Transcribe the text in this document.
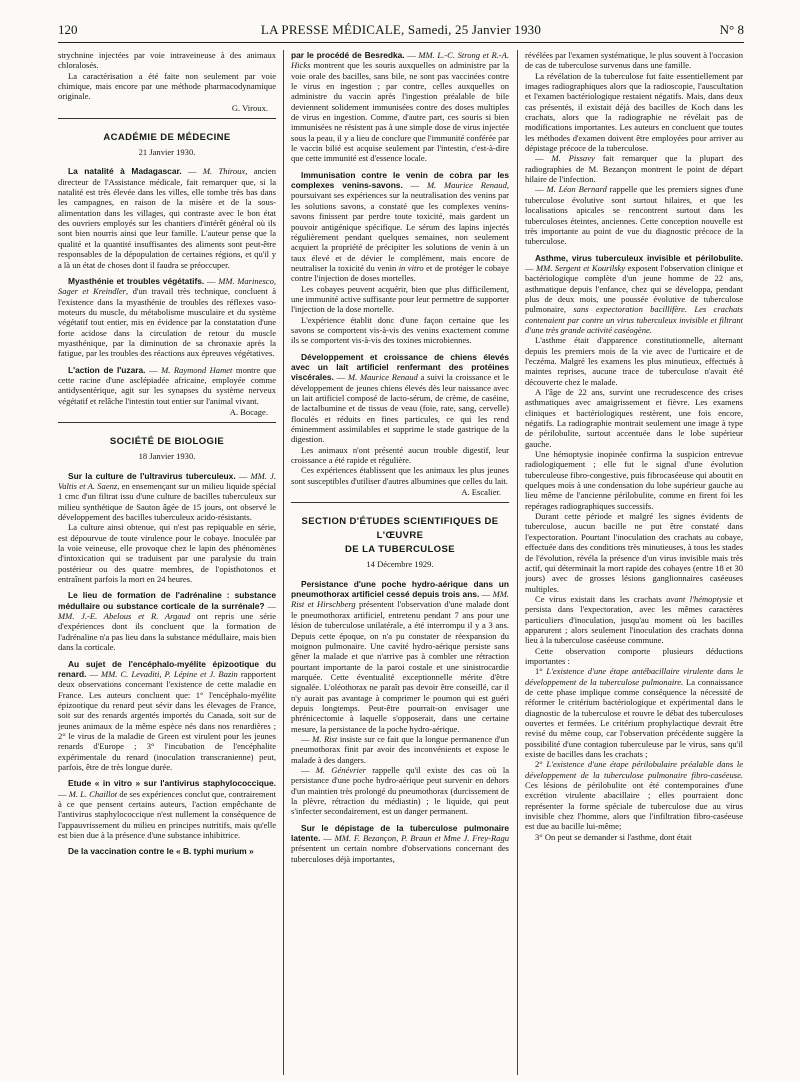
120	LA PRESSE MÉDICALE, Samedi, 25 Janvier 1930	N° 8

strychnine injectées par voie intraveineuse à des animaux chloralosés.

La caractérisation a été faite non seulement par voie chimique, mais encore par une méthode pharmacodynamique originale.

G. Viroux.

ACADÉMIE DE MÉDECINE

21 Janvier 1930.

La natalité à Madagascar. — M. Thiroux, ancien directeur de l'Assistance médicale, fait remarquer que, si la natalité est très élevée dans les villes, elle tombe très bas dans les campagnes, en raison de la misère et de la sous-alimentation dans les villages, qui contraste avec le bon état des ouvriers employés sur les chantiers d'intérêt général où ils sont bien nourris ainsi que leur famille. L'auteur pense que la qualité et la quantité insuffisantes des aliments sont peut-être responsables de la dépopulation de certaines régions, et qu'il y a là un état de choses dont il faudra se préoccuper.

Myasthénie et troubles végétatifs. — MM. Marinesco, Sager et Kreindler, d'un travail très technique, concluent à l'existence dans la myasthénie de troubles des réflexes vaso-moteurs du muscle, du métabolisme musculaire et du système végétatif tout entier, mis en évidence par la constatation d'une forte acidose dans la circulation de retour du muscle myasthénique, par la diminution de sa chronaxie après la fatigue, par les troubles des réactions aux épreuves végétatives.

L'action de l'uzara. — M. Raymond Hamet montre que cette racine d'une asclépiadée africaine, employée comme antidysentérique, agit sur les synapses du système nerveux végétatif et relâche l'intestin tout entier sur l'animal vivant.

A. Bocage.

SOCIÉTÉ DE BIOLOGIE

18 Janvier 1930.

Sur la culture de l'ultravirus tuberculeux. — MM. J. Valtis et A. Saenz, en ensemençant sur un milieu liquide spécial 1 cmc d'un filtrat issu d'une culture de bacilles tuberculeux sur milieu synthétique de Sauton âgée de 15 jours, ont observé le développement des bacilles tuberculeux acido-résistants.

La culture ainsi obtenue, qui n'est pas repiquable en série, est dépourvue de toute virulence pour le cobaye. Inoculée par la voie veineuse, elle provoque chez le lapin des phénomènes d'intoxication qui se traduisent par une paralysie du train postérieur ou des quatre membres, de l'opisthotonos et entraînent parfois la mort en 24 heures.

Le lieu de formation de l'adrénaline : substance médullaire ou substance corticale de la surrénale? — MM. J.-E. Abelous et R. Argaud ont repris une série d'expériences dont ils concluent que la formation de l'adrénaline n'a pas lieu dans la substance médullaire, mais bien dans la corticale.

Au sujet de l'encéphalo-myélite épizootique du renard. — MM. C. Levaditi, P. Lépine et J. Bazin rapportent deux observations concernant l'existence de cette maladie en France. Les auteurs concluent que: 1° l'encéphalo-myélite épizootique du renard peut sévir dans les élevages de France, soit sur des renards argentés importés du Canada, soit sur de jeunes animaux de la même espèce nés dans nos renardières ; 2° le virus de la maladie de Green est virulent pour les jeunes renards d'Europe ; 3° l'incubation de l'encéphalite expérimentale du renard (inoculation transcranienne) peut, parfois, être de très longue durée.

Etude « in vitro » sur l'antivirus staphylococcique. — M. L. Chaillot de ses expériences conclut que, contrairement à ce que pensent certains auteurs, l'action empêchante de l'antivirus staphylococcique n'est nullement la conséquence de l'appauvrissement du milieu en principes nutritifs, mais qu'elle est bien due à la présence d'une substance inhibitrice.

De la vaccination contre le « B. typhi murium »

par le procédé de Besredka. — MM. L.-C. Strong et R.-A. Hicks montrent que les souris auxquelles on administre par la voie orale des bacilles, sans bile, ne sont pas vaccinées contre le virus en ingestion ; par contre, celles auxquelles on administre du vaccin après l'ingestion préalable de bile deviennent solidement immunisées contre des doses multiples de virus en ingestion. Comme, d'autre part, ces souris si bien immunisées ne résistent pas à une simple dose de virus injectée sous la peau, il y a lieu de conclure que l'immunité conférée par le vaccin bilié est acquise seulement par l'intestin, c'est-à-dire que cette immunité est d'essence locale.

Immunisation contre le venin de cobra par les complexes venins-savons. — M. Maurice Renaud, poursuivant ses expériences sur la neutralisation des venins par les solutions savons, a constaté que les complexes venins-savons finissent par perdre toute toxicité, mais gardent un pouvoir antigénique spécifique. Le sérum des lapins injectés régulièrement pendant quelques semaines, non seulement acquiert la propriété de précipiter les solutions de venin à un taux élevé et de dévier le complément, mais encore de neutraliser la toxicité du venin in vitro et de protéger le cobaye contre l'injection de doses mortelles.

Les cobayes peuvent acquérir, bien que plus difficilement, une immunité active suffisante pour leur permettre de supporter l'injection de la dose mortelle.

L'expérience établit donc d'une façon certaine que les savons se comportent vis-à-vis des venins exactement comme ils se comportent vis-à-vis des toxines microbiennes.

Développement et croissance de chiens élevés avec un lait artificiel renfermant des protéines viscérales. — M. Maurice Renaud a suivi la croissance et le développement de jeunes chiens élevés dès leur naissance avec un lait artificiel composé de lacto-sérum, de crème, de caséine, de lactalbumine et de tissus de veau (foie, rate, sang, cervelle) floculés et réduits en fines particules, ce qui les rend éminemment assimilables et supprime le stade gastrique de la digestion.

Les animaux n'ont présenté aucun trouble digestif, leur croissance a été rapide et régulière.

Ces expériences établissent que les animaux les plus jeunes sont susceptibles d'utiliser d'autres albumines que celles du lait.

A. Escalier.

SECTION D'ÉTUDES SCIENTIFIQUES DE L'ŒUVRE
DE LA TUBERCULOSE

14 Décembre 1929.

Persistance d'une poche hydro-aérique dans un pneumothorax artificiel cessé depuis trois ans. — MM. Rist et Hirschberg présentent l'observation d'une malade dont le pneumothorax artificiel, entretenu pendant 7 ans pour une lésion de tuberculose unilatérale, a été interrompu il y a 3 ans. Depuis cette époque, on n'a pu constater de réexpansion du moignon pulmonaire. Une cavité hydro-aérique persiste sans gêner la malade et que n'arrive pas à combler une rétraction pourtant importante de la paroi costale et une sinistrocardie marquée. Cette éventualité exceptionnelle mérite d'être signalée. L'oléothorax ne paraît pas devoir être conseillé, car il n'y aurait pas avantage à comprimer le poumon qui est guéri depuis longtemps. Peut-être pourrait-on envisager une phrénicectomie à laquelle s'opposerait, dans une certaine mesure, la persistance de la poche hydro-aérique.

— M. Rist insiste sur ce fait que la longue permanence d'un pneumothorax finit par avoir des inconvénients et expose le malade à des dangers.

— M. Génévrier rappelle qu'il existe des cas où la persistance d'une poche hydro-aérique peut survenir en dehors d'un maintien très prolongé du pneumothorax (durcissement de la plèvre, rétraction du médiastin) ; le liquide, qui peut s'infecter secondairement, est un danger permanent.

Sur le dépistage de la tuberculose pulmonaire latente. — MM. F. Bezançon, P. Braun et Mme J. Frey-Ragu présentent un certain nombre d'observations concernant des tuberculoses déjà importantes,

révélées par l'examen systématique, le plus souvent à l'occasion de cas de tuberculose survenus dans une famille.

La révélation de la tuberculose fut faite essentiellement par images radiographiques alors que la radioscopie, l'auscultation et l'examen bactériologique restaient négatifs. Mais, dans deux cas présentés, il existait déjà des bacilles de Koch dans les crachats, alors que la radiographie ne révélait pas de modifications importantes. Les auteurs en concluent que toutes les méthodes d'examen doivent être employées pour arriver au dépistage précoce de la tuberculose.

— M. Pissavy fait remarquer que la plupart des radiographies de M. Bezançon montrent le point de départ hilaire de l'infection.

— M. Léon Bernard rappelle que les premiers signes d'une tuberculose évolutive sont surtout hilaires, et que les localisations apicales se rencontrent surtout dans les tuberculoses éteintes, anciennes. Cette conception nouvelle est très importante au point de vue du diagnostic précoce de la tuberculose.

Asthme, virus tuberculeux invisible et périlobulite. — MM. Sergent et Kourilsky exposent l'observation clinique et bactériologique complète d'un jeune homme de 22 ans, asthmatique depuis l'enfance, chez qui se développa, pendant plus de deux mois, une poussée évolutive de tuberculose pulmonaire, sans expectoration bacillifère. Les crachats contenaient par contre un virus tuberculeux invisible et filtrant d'une très grande activité caséogène.

L'asthme était d'apparence constitutionnelle, alternant depuis les premiers mois de la vie avec de l'urticaire et de l'eczéma. Malgré les examens les plus minutieux, effectués à maintes reprises, aucune trace de tuberculose n'avait été découverte chez le malade.

A l'âge de 22 ans, survint une recrudescence des crises asthmatiques avec amaigrissement et fièvre. Les examens cliniques et bactériologiques restèrent, une fois encore, négatifs. La radiographie montrait seulement une image à type de périlobulite, surtout accentuée dans le lobe supérieur gauche.

Une hémoptysie inopinée confirma la suspicion entrevue radiologiquement ; elle fut le signal d'une évolution tuberculeuse fibro-congestive, puis fibrocaséeuse qui aboutit en quelques mois à une condensation du lobe supérieur gauche au lieu même de l'ancienne périlobulite, comme en firent foi les repérages radiographiques successifs.

Durant cette période et malgré les signes évidents de tuberculose, aucun bacille ne put être constaté dans l'expectoration. Pourtant l'inoculation des crachats au cobaye, effectuée dans des conditions très minutieuses, à tous les stades de l'évolution, révéla la présence d'un virus invisible mais très actif, qui déterminait la mort rapide des cobayes (entre 18 et 30 jours) avec de grosses lésions ganglionnaires caséeuses multiples.

Ce virus existait dans les crachats avant l'hémoptysie et persista dans l'expectoration, avec les mêmes caractères particuliers d'inoculation, jusqu'au moment où les bacilles apparurent ; alors seulement l'inoculation des crachats donna lieu à la tuberculose caséeuse commune.

Cette observation comporte plusieurs déductions importantes :

1° L'existence d'une étape antébacillaire virulente dans le développement de la tuberculose pulmonaire. La connaissance de cette phase implique comme conséquence la nécessité de réformer le critérium bactériologique et expérimental dans le diagnostic de la tuberculose et rouvre le débat des tuberculoses ouvertes et fermées. Le critérium prophylactique devrait être revisé du même coup, car l'observation précédente suggère la possibilité d'une contagion tuberculeuse par le virus, sans qu'il existe de bacilles dans les crachats ;

2° L'existence d'une étape périlobulaire préalable dans le développement de la tuberculose pulmonaire fibro-caséeuse. Ces lésions de périlobulite ont été contemporaines d'une excrétion virulente abacillaire ; elles pourraient donc représenter la forme spéciale de tuberculose due au virus invisible chez l'homme, alors que l'infiltration fibro-caséeuse est due au bacille lui-même;

3° On peut se demander si l'asthme, dont était
